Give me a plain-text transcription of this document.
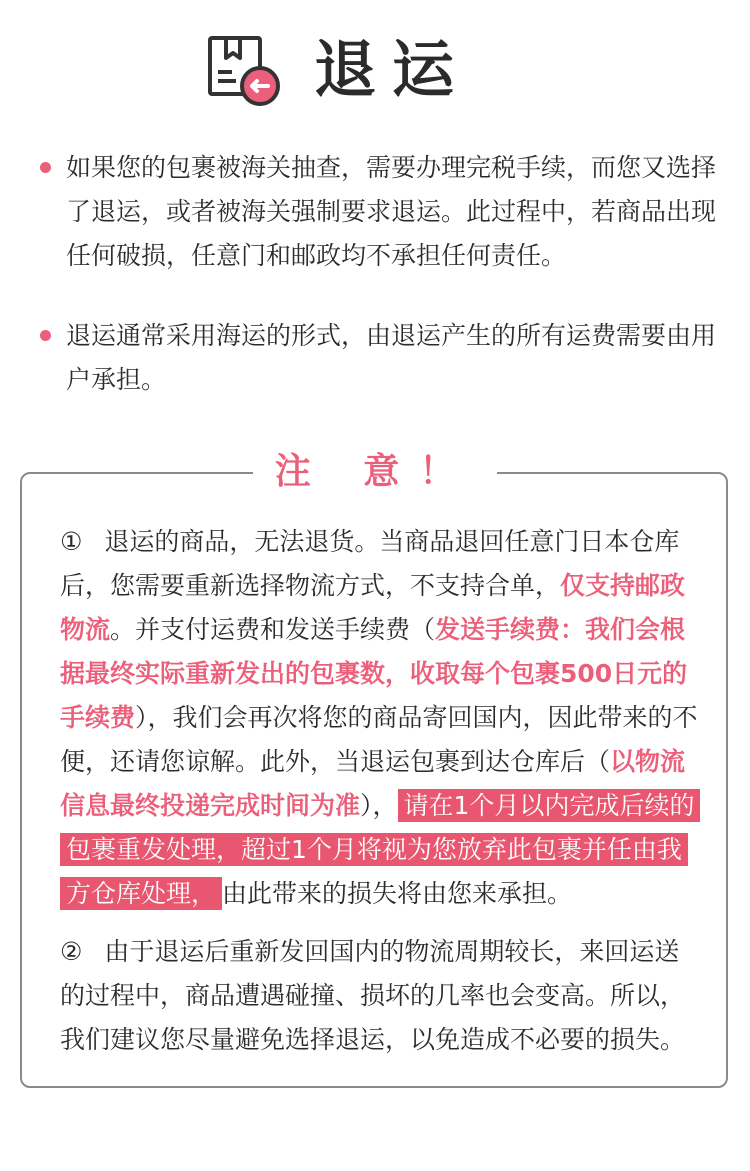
退运
如果您的包裹被海关抽查，需要办理完税手续，而您又选择了退运，或者被海关强制要求退运。此过程中，若商品出现任何破损，任意门和邮政均不承担任何责任。
退运通常采用海运的形式，由退运产生的所有运费需要由用户承担。
注 意！

① 退运的商品，无法退货。当商品退回任意门日本仓库后，您需要重新选择物流方式，不支持合单，仅支持邮政物流。并支付运费和发送手续费（发送手续费：我们会根据最终实际重新发出的包裹数，收取每个包裹500日元的手续费），我们会再次将您的商品寄回国内，因此带来的不便，还请您谅解。此外，当退运包裹到达仓库后（以物流信息最终投递完成时间为准）， 请在1个月以内完成后续的包裹重发处理，超过1个月将视为您放弃此包裹并任由我方仓库处理， 由此带来的损失将由您来承担。

② 由于退运后重新发回国内的物流周期较长，来回运送的过程中，商品遭遇碰撞、损坏的几率也会变高。所以，我们建议您尽量避免选择退运，以免造成不必要的损失。
